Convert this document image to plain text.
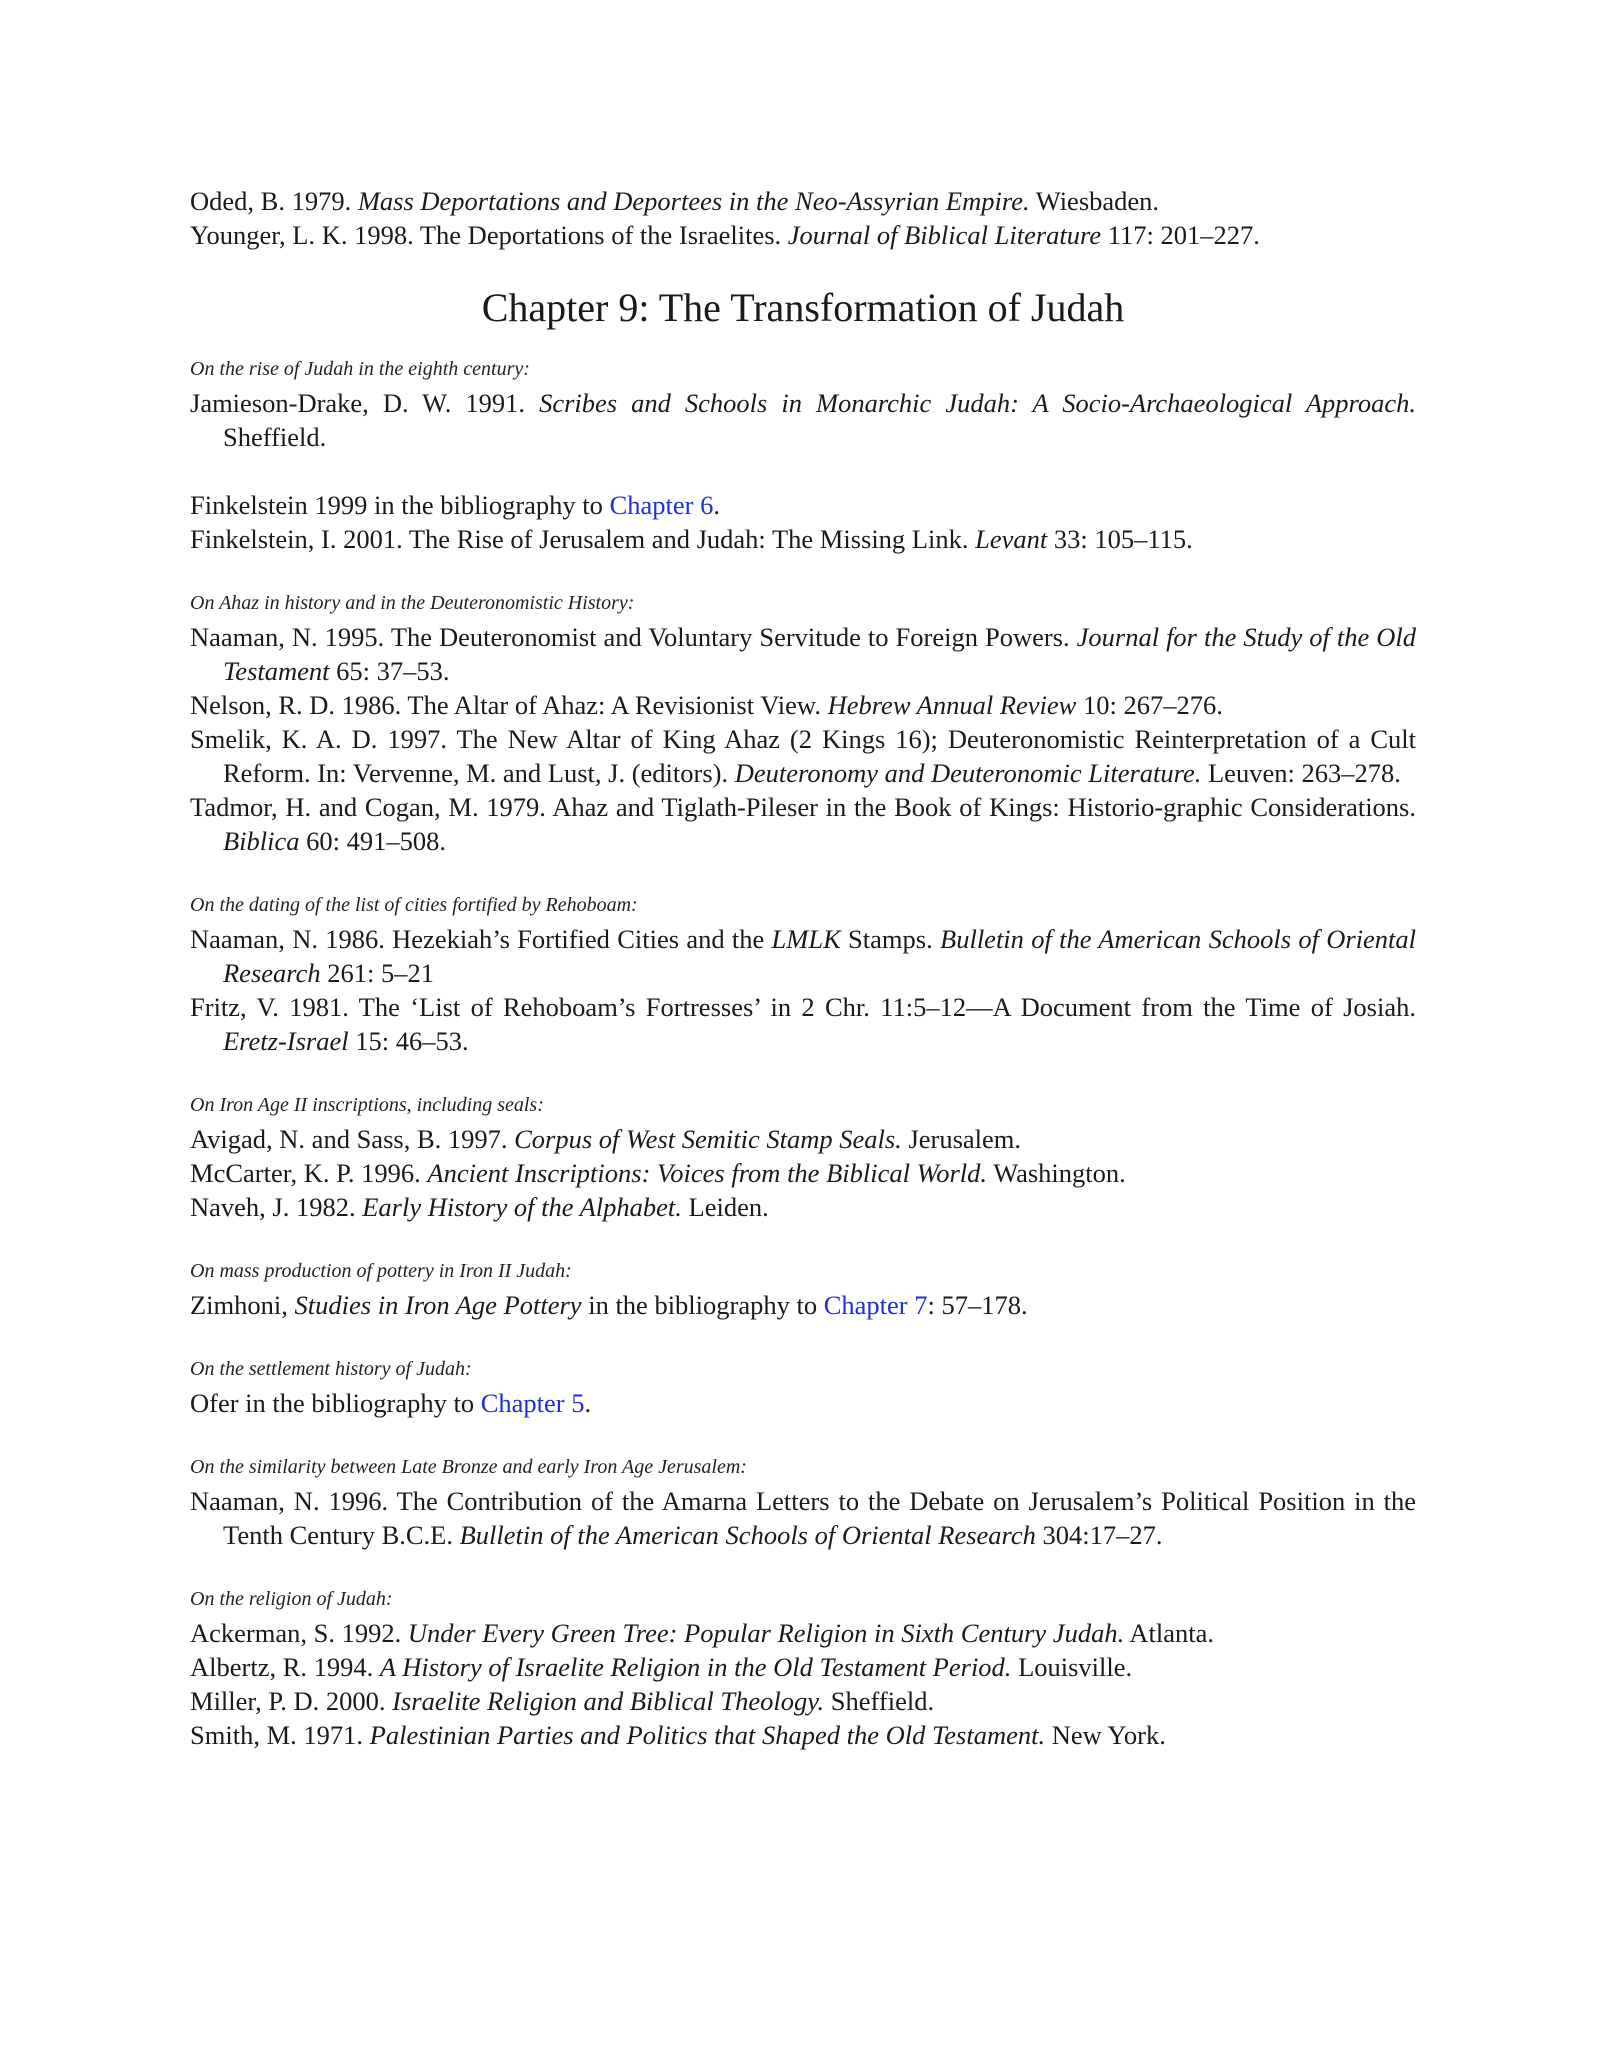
Oded, B. 1979. Mass Deportations and Deportees in the Neo-Assyrian Empire. Wiesbaden.

Younger, L. K. 1998. The Deportations of the Israelites. Journal of Biblical Literature 117: 201–227.

Chapter 9: The Transformation of Judah
On the rise of Judah in the eighth century:

Jamieson-Drake, D. W. 1991. Scribes and Schools in Monarchic Judah: A Socio-Archaeological Approach. Sheffield.

Finkelstein 1999 in the bibliography to Chapter 6.

Finkelstein, I. 2001. The Rise of Jerusalem and Judah: The Missing Link. Levant 33: 105–115.

On Ahaz in history and in the Deuteronomistic History:

Naaman, N. 1995. The Deuteronomist and Voluntary Servitude to Foreign Powers. Journal for the Study of the Old Testament 65: 37–53.

Nelson, R. D. 1986. The Altar of Ahaz: A Revisionist View. Hebrew Annual Review 10: 267–276.

Smelik, K. A. D. 1997. The New Altar of King Ahaz (2 Kings 16); Deuteronomistic Reinterpretation of a Cult Reform. In: Vervenne, M. and Lust, J. (editors). Deuteronomy and Deuteronomic Literature. Leuven: 263–278.

Tadmor, H. and Cogan, M. 1979. Ahaz and Tiglath-Pileser in the Book of Kings: Historio-graphic Considerations. Biblica 60: 491–508.

On the dating of the list of cities fortified by Rehoboam:

Naaman, N. 1986. Hezekiah’s Fortified Cities and the LMLK Stamps. Bulletin of the American Schools of Oriental Research 261: 5–21

Fritz, V. 1981. The ‘List of Rehoboam’s Fortresses’ in 2 Chr. 11:5–12—A Document from the Time of Josiah. Eretz-Israel 15: 46–53.

On Iron Age II inscriptions, including seals:

Avigad, N. and Sass, B. 1997. Corpus of West Semitic Stamp Seals. Jerusalem.

McCarter, K. P. 1996. Ancient Inscriptions: Voices from the Biblical World. Washington.

Naveh, J. 1982. Early History of the Alphabet. Leiden.

On mass production of pottery in Iron II Judah:

Zimhoni, Studies in Iron Age Pottery in the bibliography to Chapter 7: 57–178.

On the settlement history of Judah:

Ofer in the bibliography to Chapter 5.

On the similarity between Late Bronze and early Iron Age Jerusalem:

Naaman, N. 1996. The Contribution of the Amarna Letters to the Debate on Jerusalem’s Political Position in the Tenth Century B.C.E. Bulletin of the American Schools of Oriental Research 304:17–27.

On the religion of Judah:

Ackerman, S. 1992. Under Every Green Tree: Popular Religion in Sixth Century Judah. Atlanta.

Albertz, R. 1994. A History of Israelite Religion in the Old Testament Period. Louisville.

Miller, P. D. 2000. Israelite Religion and Biblical Theology. Sheffield.

Smith, M. 1971. Palestinian Parties and Politics that Shaped the Old Testament. New York.
